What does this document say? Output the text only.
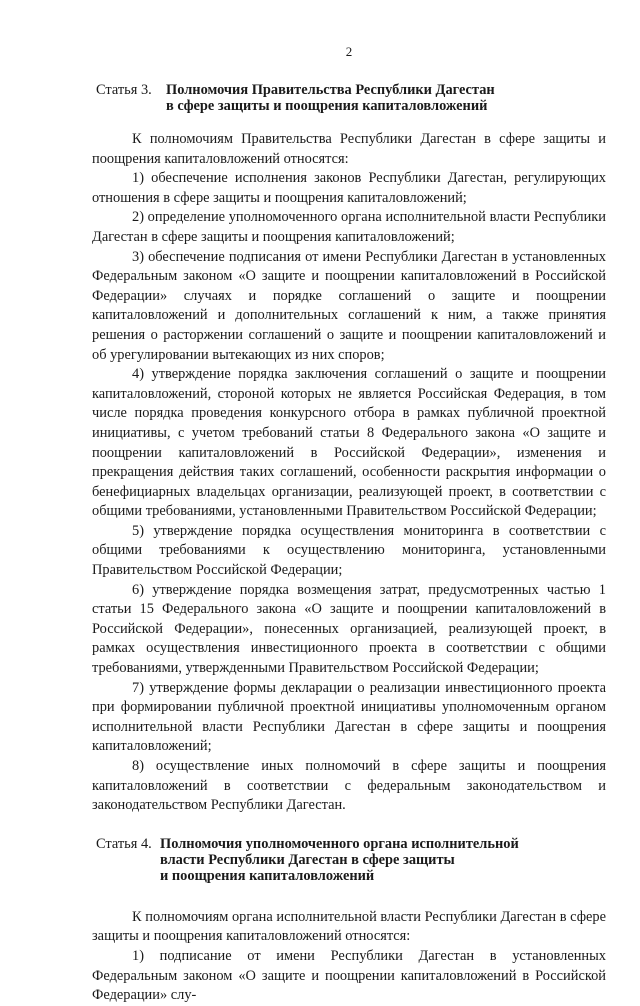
2
Статья 3. Полномочия Правительства Республики Дагестан
в сфере защиты и поощрения капиталовложений

К полномочиям Правительства Республики Дагестан в сфере защиты и поощрения капиталовложений относятся:

1) обеспечение исполнения законов Республики Дагестан, регулирующих отношения в сфере защиты и поощрения капиталовложений;

2) определение уполномоченного органа исполнительной власти Республики Дагестан в сфере защиты и поощрения капиталовложений;

3) обеспечение подписания от имени Республики Дагестан в установленных Федеральным законом «О защите и поощрении капиталовложений в Российской Федерации» случаях и порядке соглашений о защите и поощрении капиталовложений и дополнительных соглашений к ним, а также принятия решения о расторжении соглашений о защите и поощрении капиталовложений и об урегулировании вытекающих из них споров;

4) утверждение порядка заключения соглашений о защите и поощрении капиталовложений, стороной которых не является Российская Федерация, в том числе порядка проведения конкурсного отбора в рамках публичной проектной инициативы, с учетом требований статьи 8 Федерального закона «О защите и поощрении капиталовложений в Российской Федерации», изменения и прекращения действия таких соглашений, особенности раскрытия информации о бенефициарных владельцах организации, реализующей проект, в соответствии с общими требованиями, установленными Правительством Российской Федерации;

5) утверждение порядка осуществления мониторинга в соответствии с общими требованиями к осуществлению мониторинга, установленными Правительством Российской Федерации;

6) утверждение порядка возмещения затрат, предусмотренных частью 1 статьи 15 Федерального закона «О защите и поощрении капиталовложений в Российской Федерации», понесенных организацией, реализующей проект, в рамках осуществления инвестиционного проекта в соответствии с общими требованиями, утвержденными Правительством Российской Федерации;

7) утверждение формы декларации о реализации инвестиционного проекта при формировании публичной проектной инициативы уполномоченным органом исполнительной власти Республики Дагестан в сфере защиты и поощрения капиталовложений;

8) осуществление иных полномочий в сфере защиты и поощрения капиталовложений в соответствии с федеральным законодательством и законодательством Республики Дагестан.

Статья 4. Полномочия уполномоченного органа исполнительной
власти Республики Дагестан в сфере защиты
и поощрения капиталовложений

К полномочиям органа исполнительной власти Республики Дагестан в сфере защиты и поощрения капиталовложений относятся:

1) подписание от имени Республики Дагестан в установленных Федеральным законом «О защите и поощрении капиталовложений в Российской Федерации» слу-
